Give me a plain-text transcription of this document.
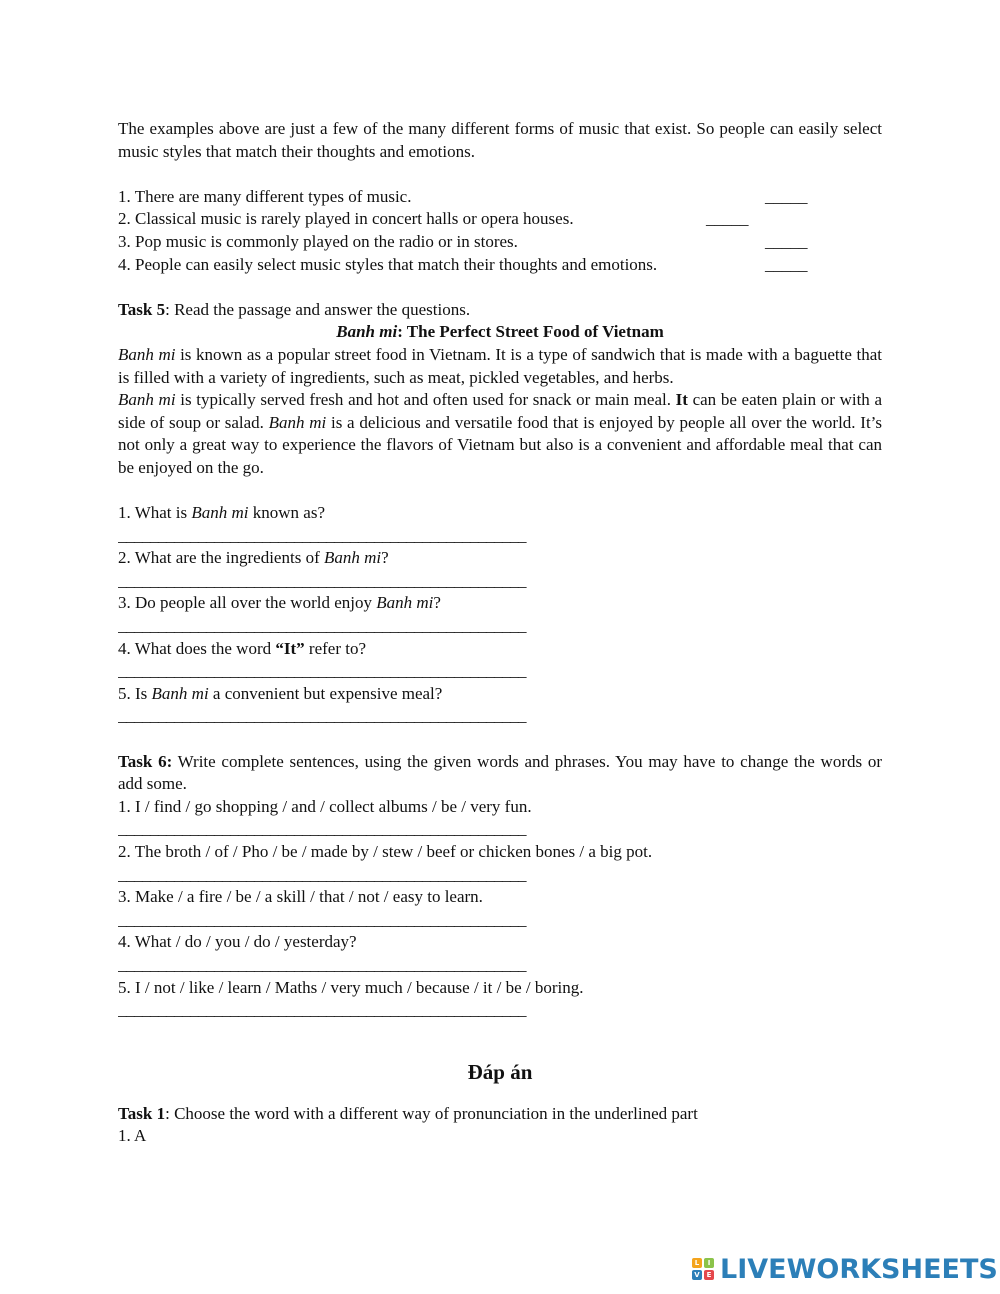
The examples above are just a few of the many different forms of music that exist. So people can easily select music styles that match their thoughts and emotions.

1. There are many different types of music.	_____
2. Classical music is rarely played in concert halls or opera houses.	_____
3. Pop music is commonly played on the radio or in stores.	_____
4. People can easily select music styles that match their thoughts and emotions.	_____

Task 5: Read the passage and answer the questions.

Banh mi: The Perfect Street Food of Vietnam

Banh mi is known as a popular street food in Vietnam. It is a type of sandwich that is made with a baguette that is filled with a variety of ingredients, such as meat, pickled vegetables, and herbs.

Banh mi is typically served fresh and hot and often used for snack or main meal. It can be eaten plain or with a side of soup or salad. Banh mi is a delicious and versatile food that is enjoyed by people all over the world. It’s not only a great way to experience the flavors of Vietnam but also is a convenient and affordable meal that can be enjoyed on the go.

1. What is Banh mi known as?

___________________________________________________

2. What are the ingredients of Banh mi?

___________________________________________________

3. Do people all over the world enjoy Banh mi?

___________________________________________________

4. What does the word “It” refer to?

___________________________________________________

5. Is Banh mi a convenient but expensive meal?

___________________________________________________

Task 6: Write complete sentences, using the given words and phrases. You may have to change the words or add some.

1. I / find / go shopping / and / collect albums / be / very fun.

___________________________________________________

2. The broth / of / Pho / be / made by / stew / beef or chicken bones / a big pot.

___________________________________________________

3. Make / a fire / be / a skill / that / not / easy to learn.

___________________________________________________

4. What / do / you / do / yesterday?

___________________________________________________

5. I / not / like / learn / Maths / very much / because / it / be / boring.

___________________________________________________
Đáp án

Task 1: Choose the word with a different way of pronunciation in the underlined part

1. A

L	I
V E LIVEWORKSHEETS
